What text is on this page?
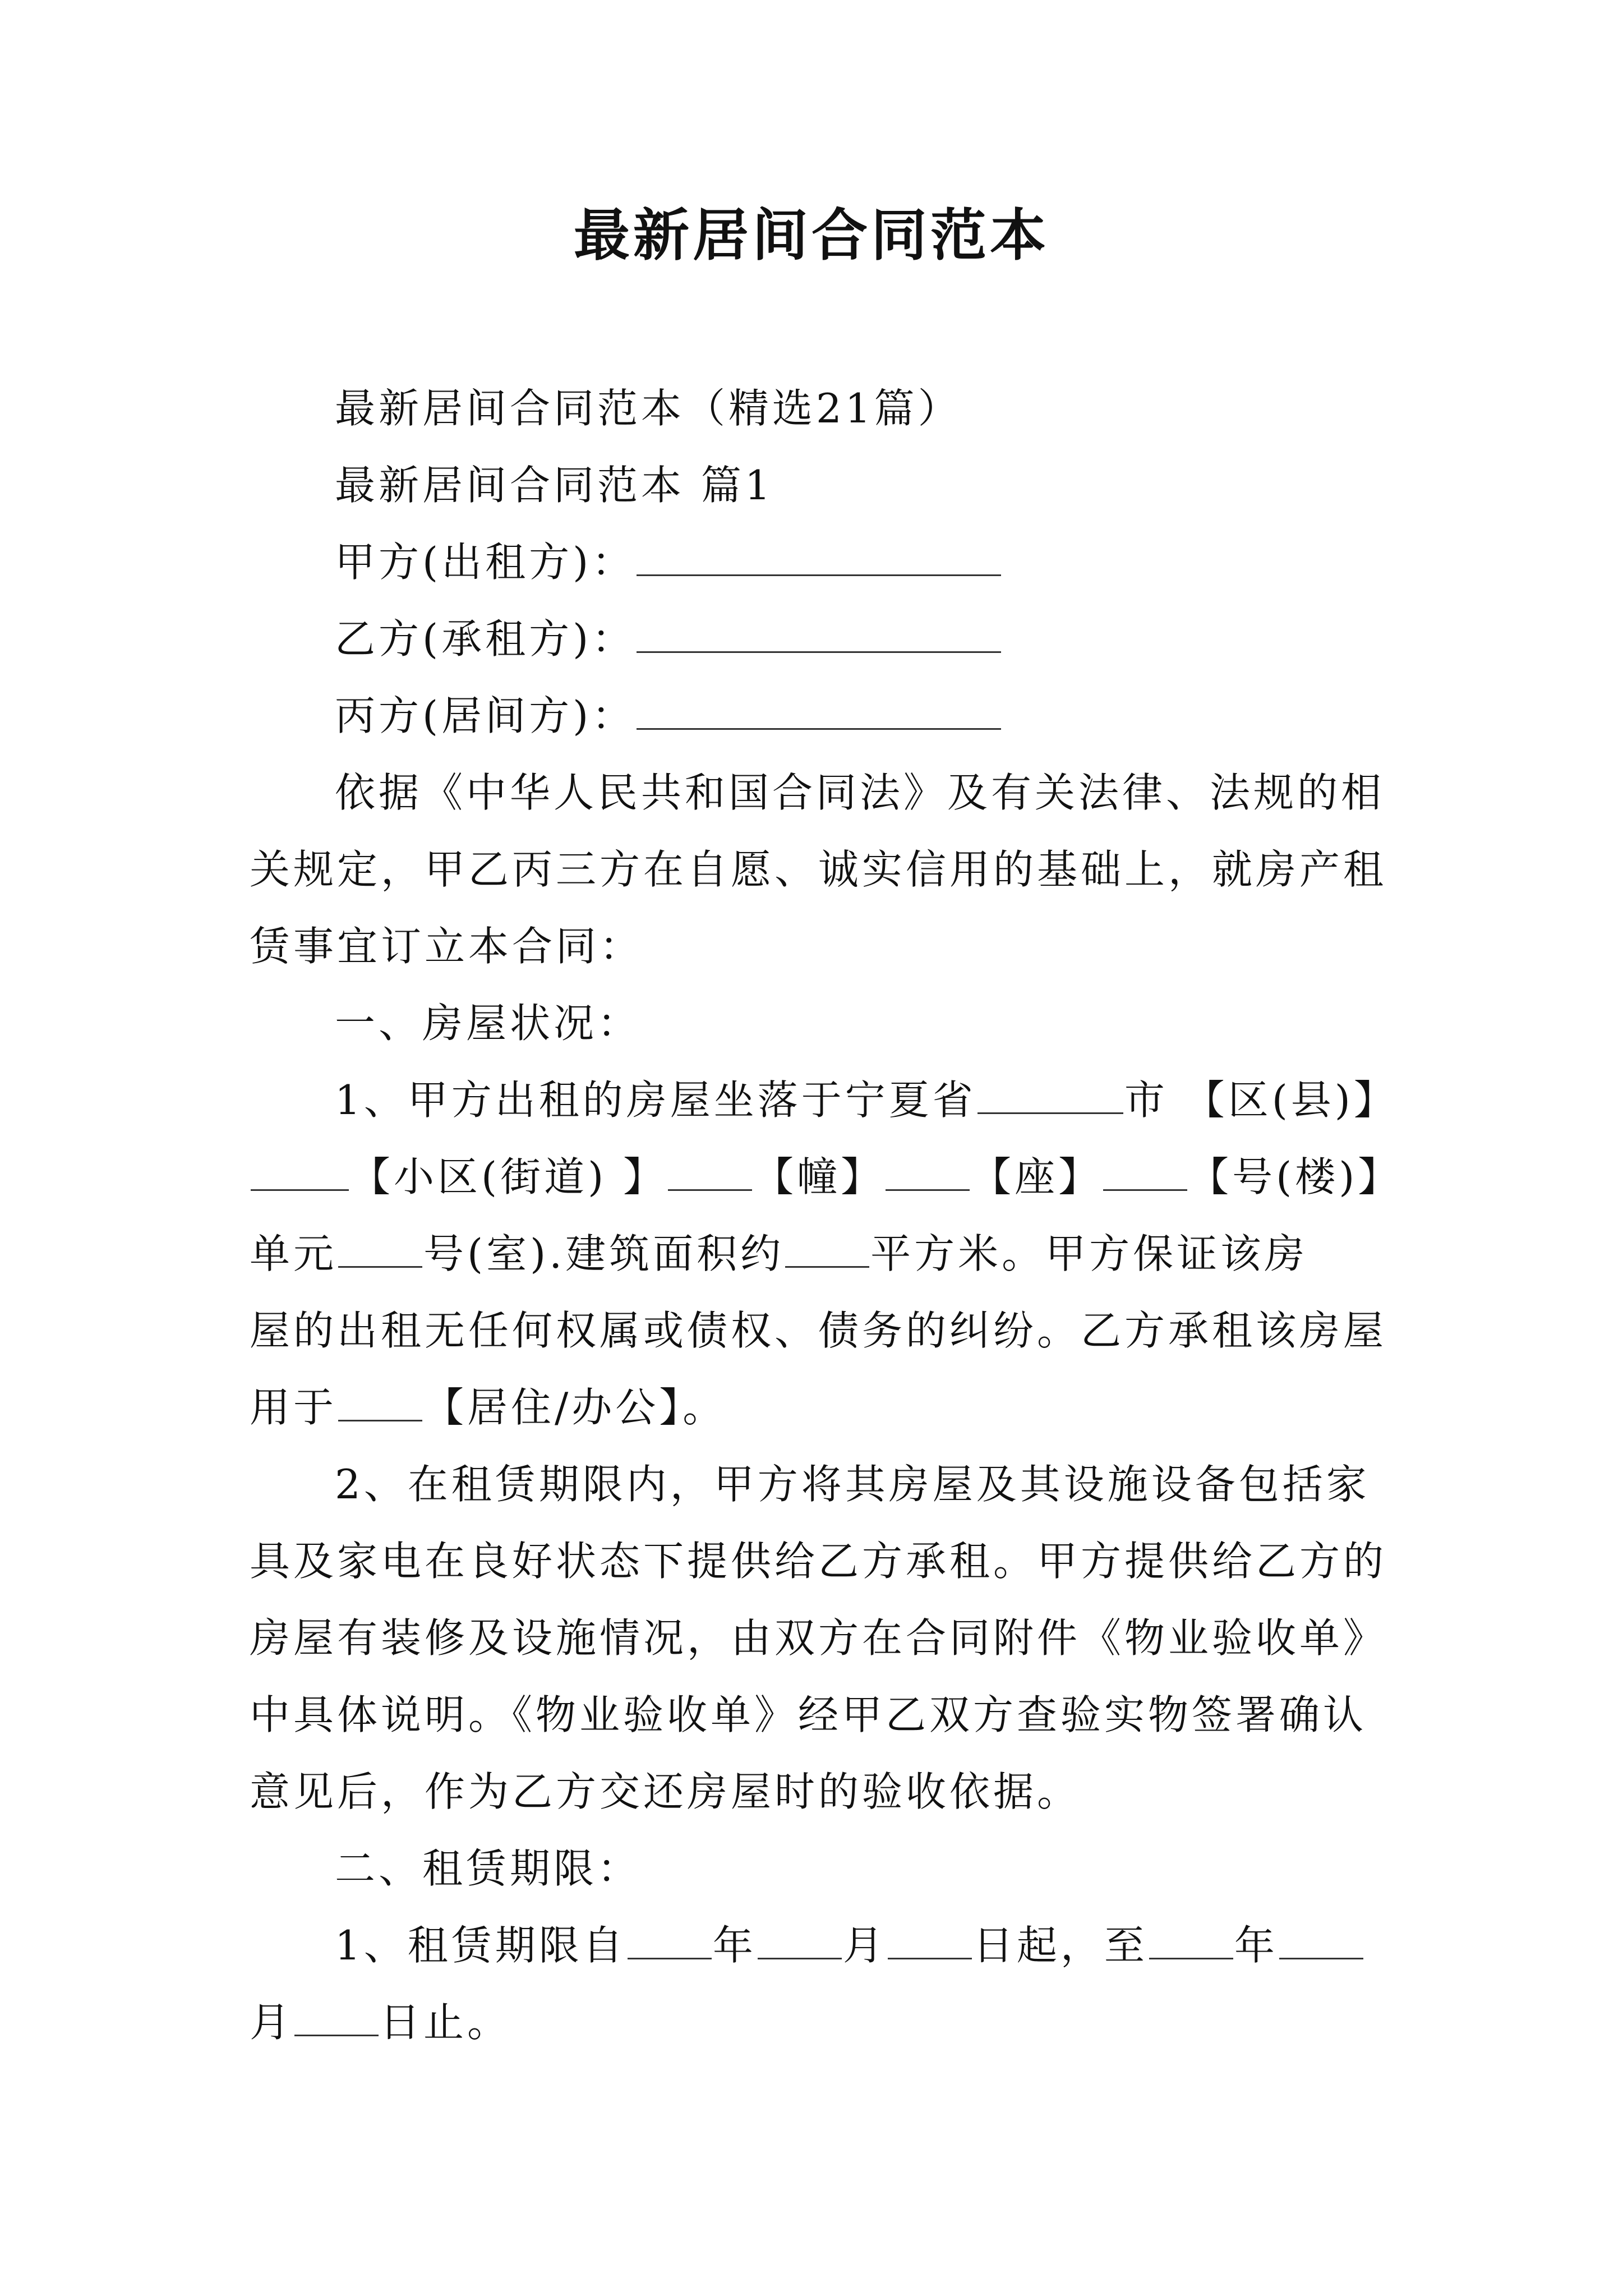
最新居间合同范本
最新居间合同范本（精选21篇）
最新居间合同范本 篇1
甲方(出租方)：
乙方(承租方)：
丙方(居间方)：
依据《中华人民共和国合同法》及有关法律、法规的相
关规定，甲乙丙三方在自愿、诚实信用的基础上，就房产租
赁事宜订立本合同：
一、房屋状况：
1、甲方出租的房屋坐落于宁夏省	市 【区(县)】
【小区(街道) 】 【幢】 【座】 【号(楼)】
单元 号(室).建筑面积约 平方米。甲方保证该房
屋的出租无任何权属或债权、债务的纠纷。乙方承租该房屋
用于 【居住/办公】。
2、在租赁期限内，甲方将其房屋及其设施设备包括家
具及家电在良好状态下提供给乙方承租。甲方提供给乙方的
房屋有装修及设施情况，由双方在合同附件《物业验收单》
中具体说明。《物业验收单》经甲乙双方查验实物签署确认
意见后，作为乙方交还房屋时的验收依据。
二、租赁期限：
1、租赁期限自 年 月 日起，至 年
月 日止。
